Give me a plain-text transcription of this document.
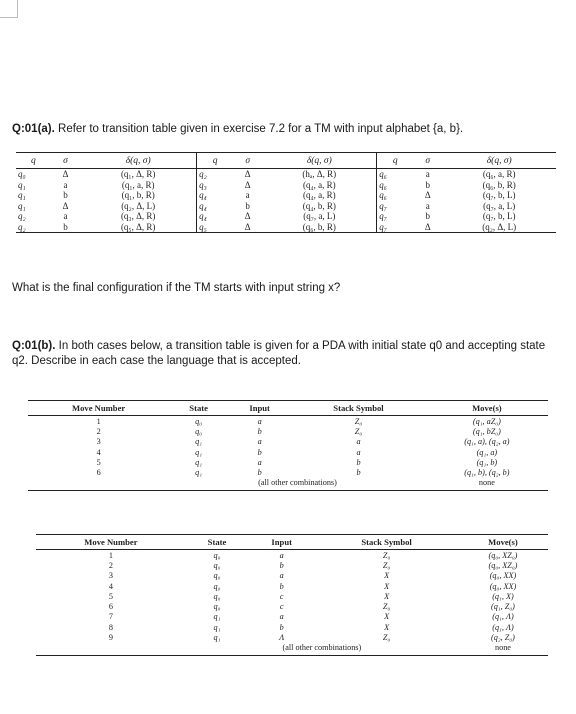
Q:01(a). Refer to transition table given in exercise 7.2 for a TM with input alphabet {a, b}.
q	σ	δ(q, σ)	q	σ	δ(q, σ)	q	σ	δ(q, σ)
q₀	Δ	(q₁, Δ, R)	q₂	Δ	(hₐ, Δ, R)	q₆	a	(q₆, a, R)
q₁	a	(q₁, a, R)	q₃	Δ	(q₄, a, R)	q₆	b	(q₆, b, R)
q₁	b	(q₁, b, R)	q₄	a	(q₄, a, R)	q₆	Δ	(q₇, b, L)
q₁	Δ	(q₂, Δ, L)	q₄	b	(q₄, b, R)	q₇	a	(q₇, a, L)
q₂	a	(q₃, Δ, R)	q₄	Δ	(q₇, a, L)	q₇	b	(q₇, b, L)
q₂	b	(q₅, Δ, R)	q₅	Δ	(q₆, b, R)	q₇	Δ	(q₂, Δ, L)
What is the final configuration if the TM starts with input string x?
Q:01(b). In both cases below, a transition table is given for a PDA with initial state q0 and accepting state q2. Describe in each case the language that is accepted.
Move Number	State	Input	Stack Symbol	Move(s)
1	q₀	a	Z₀	(q₁, aZ₀)
2	q₀	b	Z₀	(q₁, bZ₀)
3	q₁	a	a	(q₁, a), (q₂, a)
4	q₁	b	a	(q₁, a)
5	q₁	a	b	(q₁, b)
6	q₁	b	b	(q₁, b), (q₂, b)
	(all other combinations)			none
Move Number	State	Input	Stack Symbol	Move(s)
1	q₀	a	Z₀	(q₀, XZ₀)
2	q₀	b	Z₀	(q₀, XZ₀)
3	q₀	a	X	(q₀, XX)
4	q₀	b	X	(q₀, XX)
5	q₀	c	X	(q₁, X)
6	q₀	c	Z₀	(q₁, Z₀)
7	q₁	a	X	(q₁, Λ)
8	q₁	b	X	(q₁, Λ)
9	q₁	Λ	Z₀	(q₂, Z₀)
	(all other combinations)			none
